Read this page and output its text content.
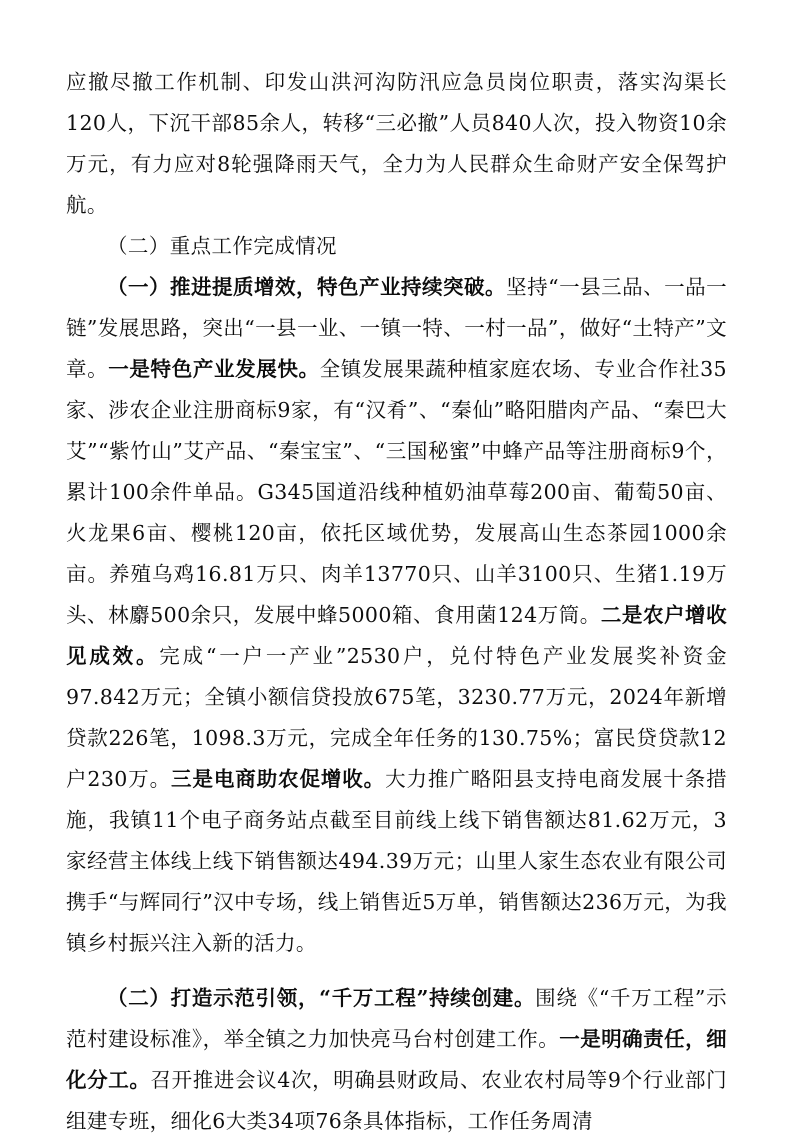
应撤尽撤工作机制、印发山洪河沟防汛应急员岗位职责，落实沟渠长120人，下沉干部85余人，转移“三必撤”人员840人次，投入物资10余万元，有力应对8轮强降雨天气，全力为人民群众生命财产安全保驾护航。

（二）重点工作完成情况

（一）推进提质增效，特色产业持续突破。坚持“一县三品、一品一链”发展思路，突出“一县一业、一镇一特、一村一品”，做好“土特产”文章。一是特色产业发展快。全镇发展果蔬种植家庭农场、专业合作社35家、涉农企业注册商标9家，有“汉肴”、“秦仙”略阳腊肉产品、“秦巴大艾”“紫竹山”艾产品、“秦宝宝”、“三国秘蜜”中蜂产品等注册商标9个，累计100余件单品。G345国道沿线种植奶油草莓200亩、葡萄50亩、火龙果6亩、樱桃120亩，依托区域优势，发展高山生态茶园1000余亩。养殖乌鸡16.81万只、肉羊13770只、山羊3100只、生猪1.19万头、林麝500余只，发展中蜂5000箱、食用菌124万筒。二是农户增收见成效。完成“一户一产业”2530户，兑付特色产业发展奖补资金97.842万元；全镇小额信贷投放675笔，3230.77万元，2024年新增贷款226笔，1098.3万元，完成全年任务的130.75%；富民贷贷款12户230万。三是电商助农促增收。大力推广略阳县支持电商发展十条措施，我镇11个电子商务站点截至目前线上线下销售额达81.62万元，3家经营主体线上线下销售额达494.39万元；山里人家生态农业有限公司携手“与辉同行”汉中专场，线上销售近5万单，销售额达236万元，为我镇乡村振兴注入新的活力。

（二）打造示范引领，“千万工程”持续创建。围绕《“千万工程”示范村建设标准》，举全镇之力加快亮马台村创建工作。一是明确责任，细化分工。召开推进会议4次，明确县财政局、农业农村局等9个行业部门组建专班，细化6大类34项76条具体指标，工作任务周清
